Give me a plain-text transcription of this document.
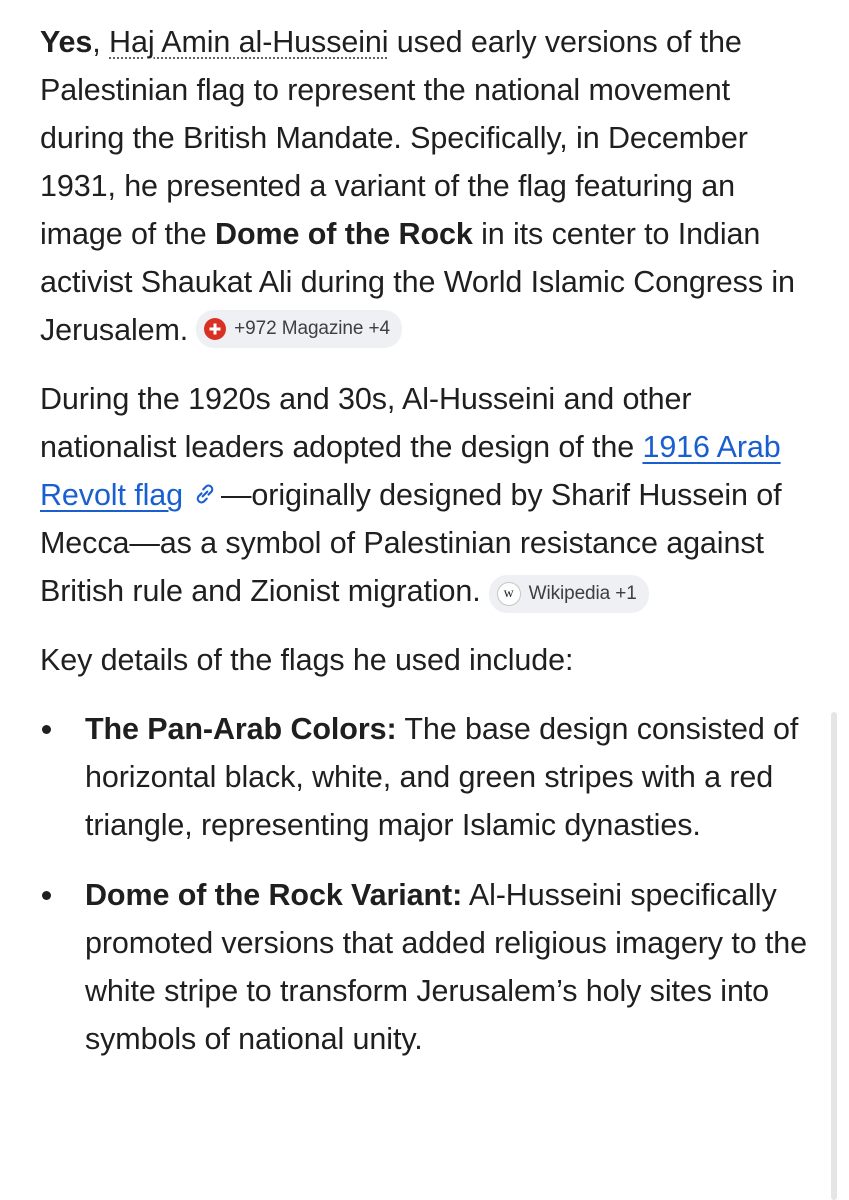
Yes, Haj Amin al-Husseini used early versions of the Palestinian flag to represent the national movement during the British Mandate. Specifically, in December 1931, he presented a variant of the flag featuring an image of the Dome of the Rock in its center to Indian activist Shaukat Ali during the World Islamic Congress in Jerusalem. +972 Magazine +4

During the 1920s and 30s, Al-Husseini and other nationalist leaders adopted the design of the 1916 Arab Revolt flag —originally designed by Sharif Hussein of Mecca—as a symbol of Palestinian resistance against British rule and Zionist migration.	w Wikipedia +1

Key details of the flags he used include:

The Pan-Arab Colors: The base design consisted of horizontal black, white, and green stripes with a red triangle, representing major Islamic dynasties.
Dome of the Rock Variant: Al-Husseini specifically promoted versions that added religious imagery to the white stripe to transform Jerusalem’s holy sites into symbols of national unity.
